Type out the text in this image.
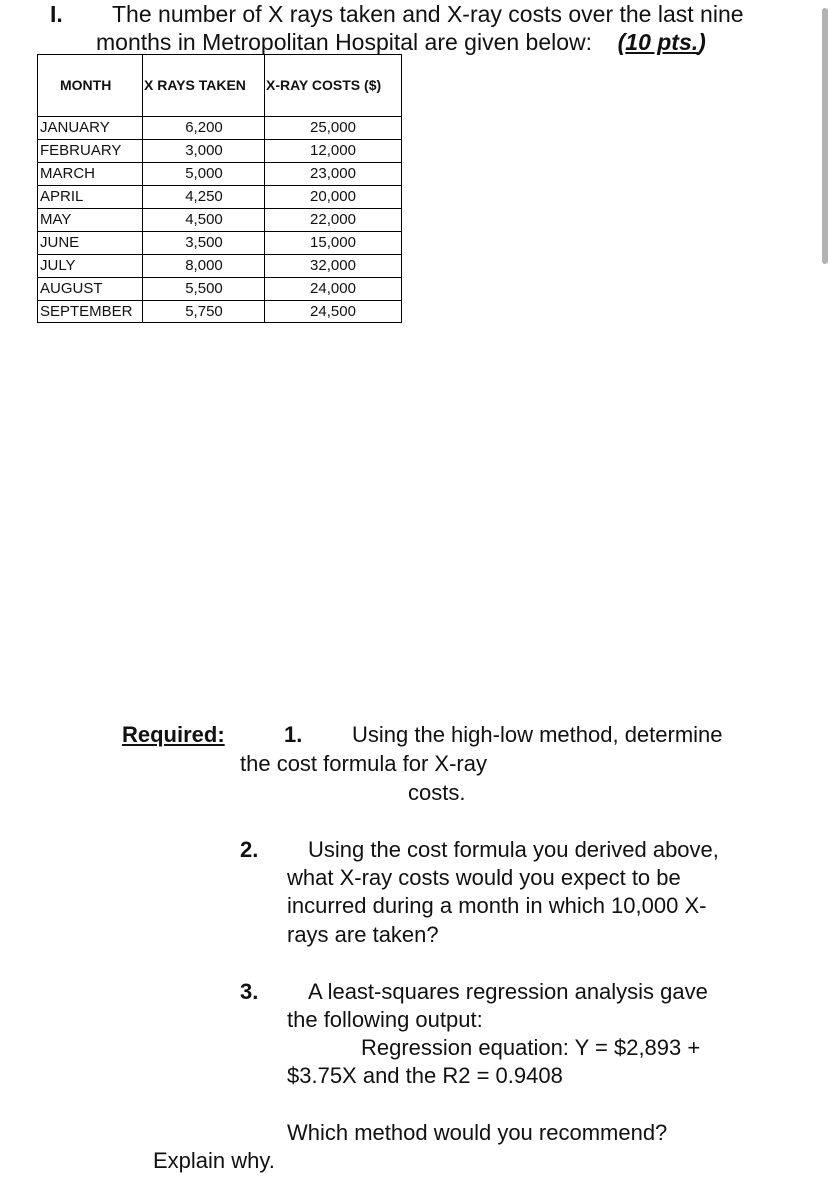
I. The number of X rays taken and X-ray costs over the last nine
months in Metropolitan Hospital are given below: (10 pts.)
MONTH X RAYS TAKEN X-RAY COSTS ($)
JANUARY	6,200	25,000
FEBRUARY	3,000	12,000
MARCH	5,000	23,000
APRIL	4,250	20,000
MAY	4,500	22,000
JUNE	3,500	15,000
JULY	8,000	32,000
AUGUST	5,500	24,000
SEPTEMBER	5,750	24,500
Required:	1. Using the high-low method, determine
the cost formula for X-ray
costs.
2. Using the cost formula you derived above,
what X-ray costs would you expect to be
incurred during a month in which 10,000 X-
rays are taken?
3. A least-squares regression analysis gave
the following output:
Regression equation: Y = $2,893 +
$3.75X and the R2 = 0.9408
Which method would you recommend?
Explain why.
